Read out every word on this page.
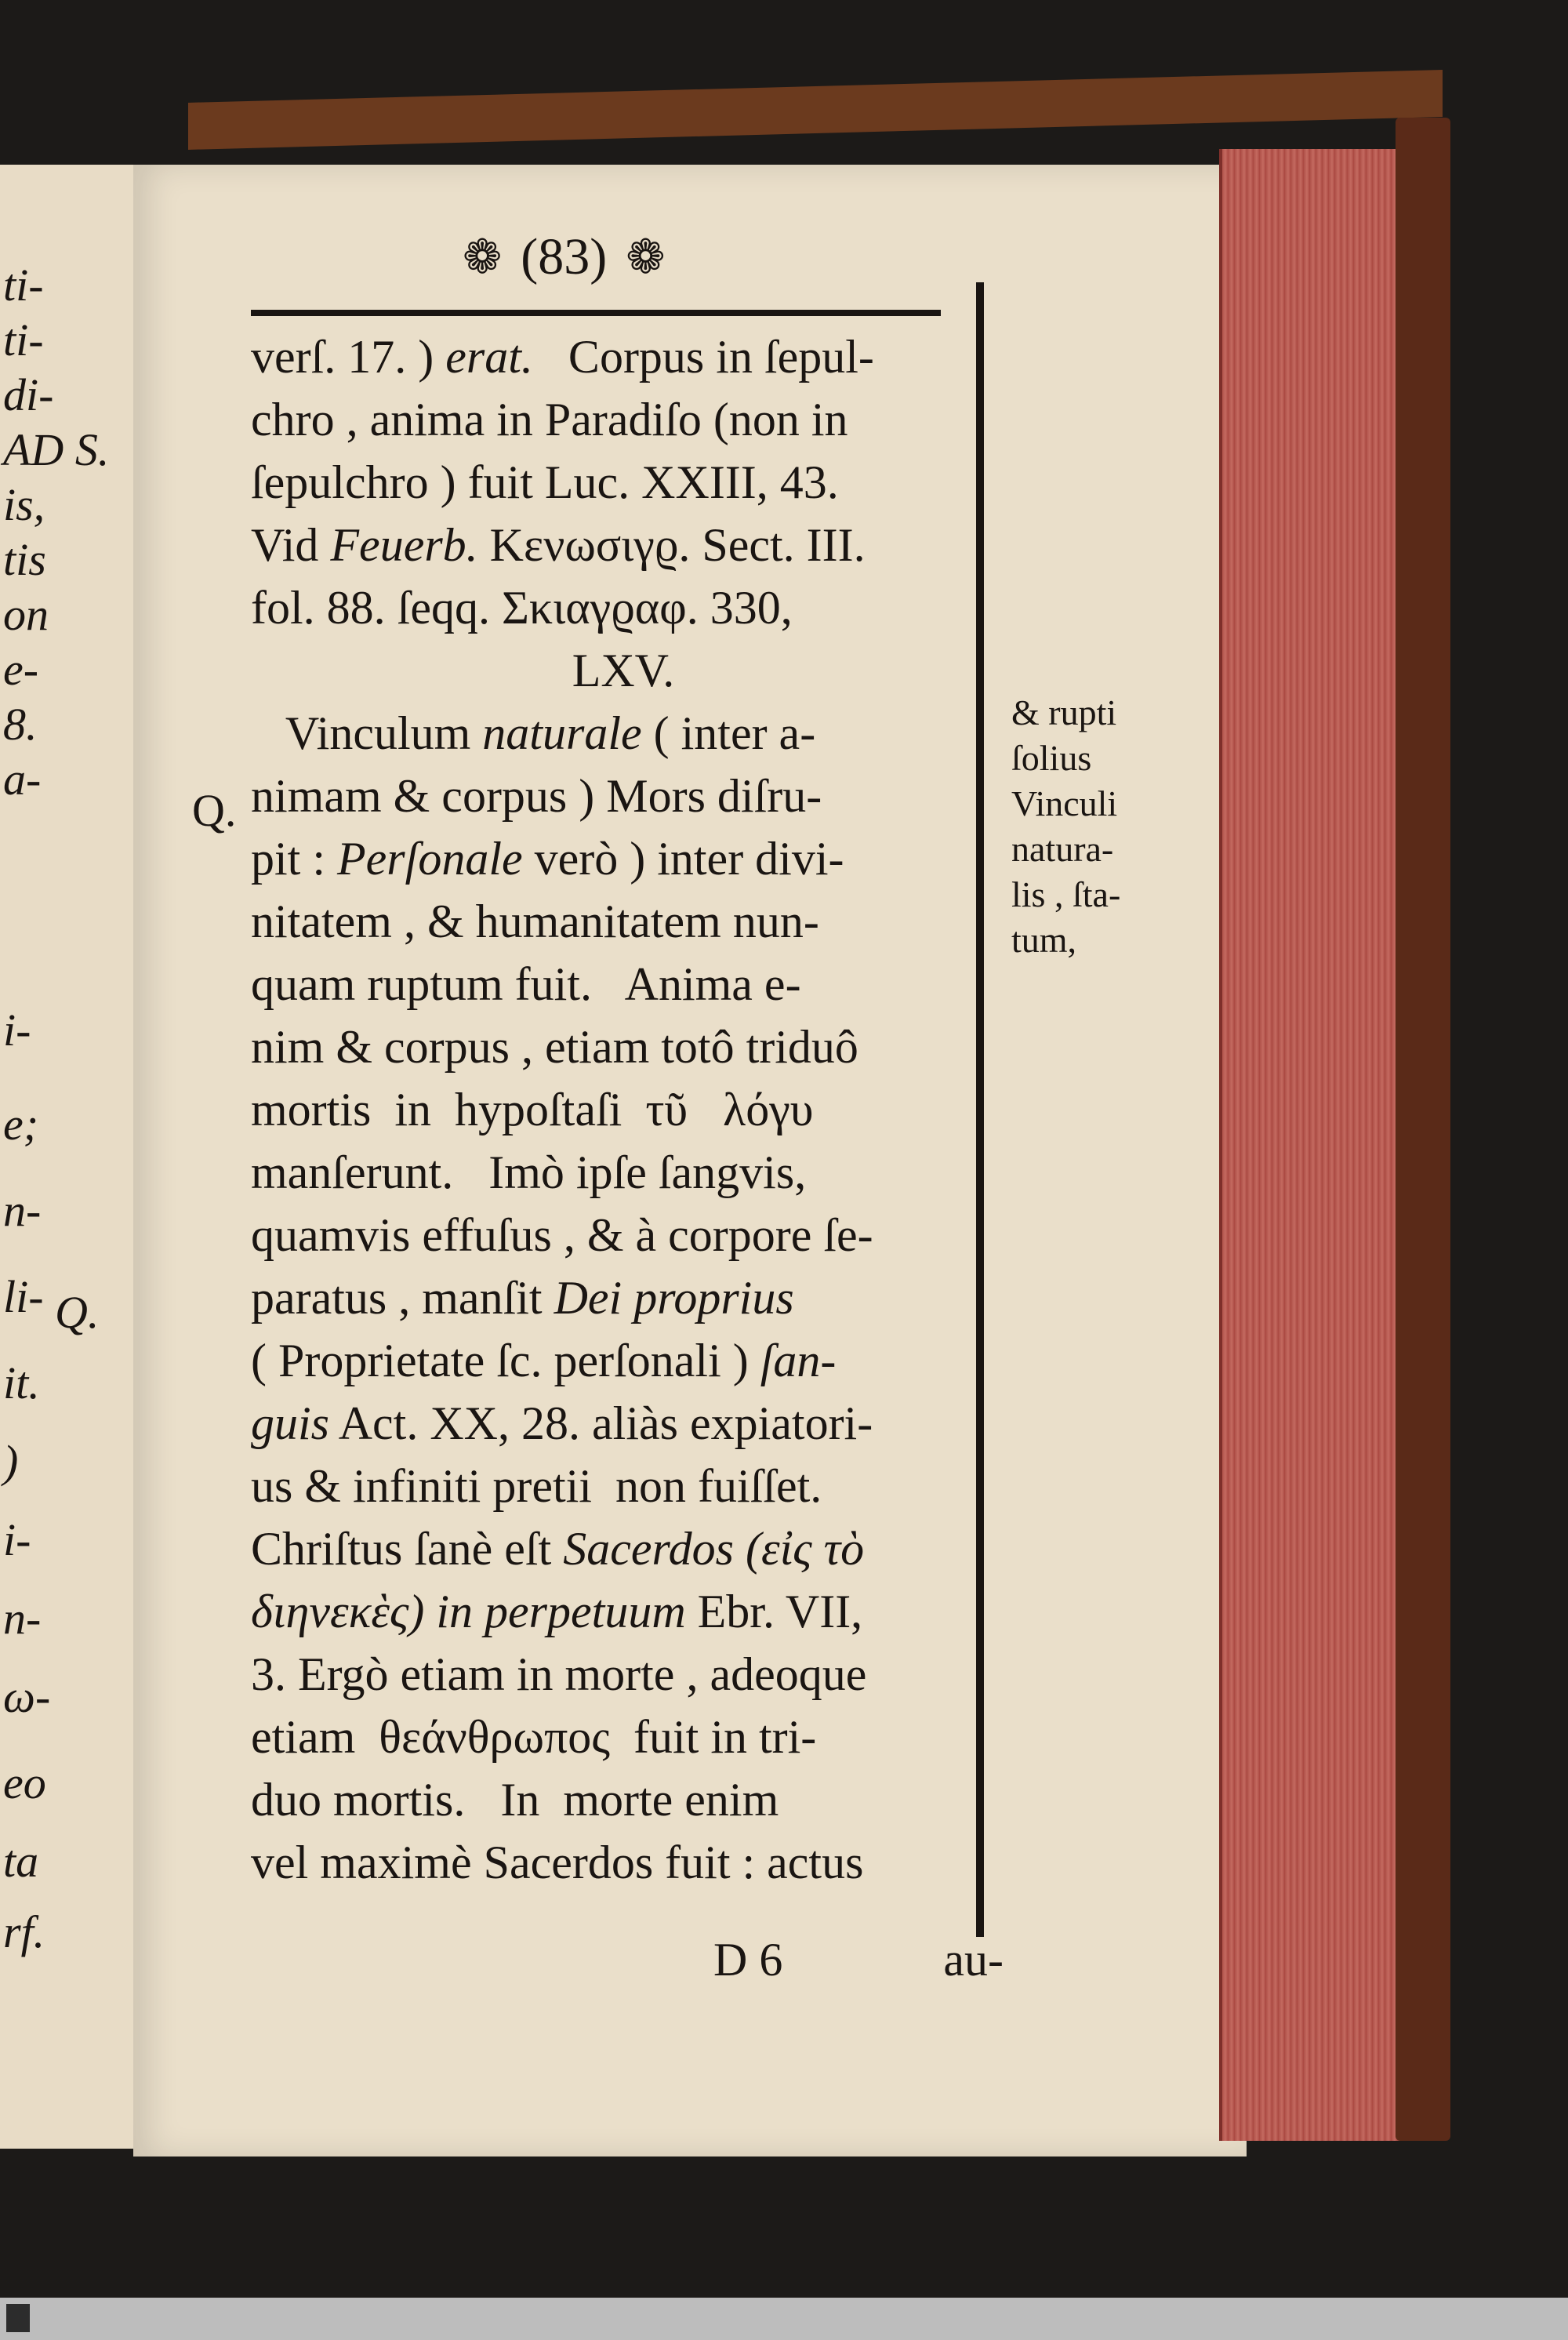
ti-
ti-
di-
AD S.
is,
tis
on
e-
8.
a-
i-
e;
n-
li-
it.
)
i-
n-
ω-
eo
ta
rf.
Q.
❁ (83) ❁
Q.
verſ. 17. ) erat.   Corpus in ſepul-
chro , anima in Paradiſo (non in
ſepulchro ) fuit Luc. XXIII, 43.
Vid Feuerb. Κενωσιγϱ. Sect. III.
fol. 88. ſeqq. Σκιαγϱαφ. 330,
LXV.
Vinculum naturale ( inter a-
nimam & corpus ) Mors diſru-
pit : Perſonale verò ) inter divi-
nitatem , & humanitatem nun-
quam ruptum fuit.   Anima e-
nim & corpus , etiam totô triduô
mortis  in  hypoſtaſi  τῦ   λόγυ
manſerunt.   Imò ipſe ſangvis,
quamvis effuſus , & à corpore ſe-
paratus , manſit Dei proprius
( Proprietate ſc. perſonali ) ſan-
guis Act. XX, 28. aliàs expiatori-
us & infiniti pretii  non fuiſſet.
Chriſtus ſanè eſt Sacerdos (εἰς τὸ
διηνεκὲς) in perpetuum Ebr. VII,
3. Ergò etiam in morte , adeoque
etiam  θεάνθρωπος  fuit in tri-
duo mortis.   In  morte enim
vel maximè Sacerdos fuit : actus
& rupti
ſolius
Vinculi
natura-
lis , ſta-
tum,
D 6	au-
